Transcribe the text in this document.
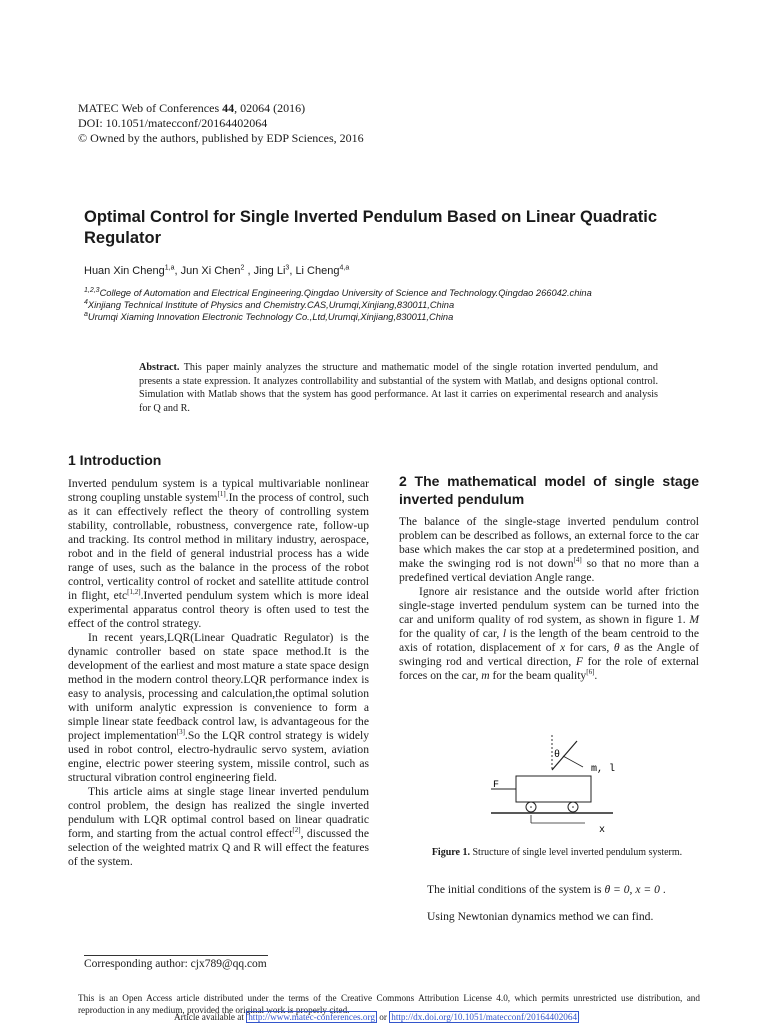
MATEC Web of Conferences 44, 02064 (2016)
DOI: 10.1051/matecconf/20164402064
© Owned by the authors, published by EDP Sciences, 2016
Optimal Control for Single Inverted Pendulum Based on Linear Quadratic Regulator
Huan Xin Cheng$^{1,a}$, Jun Xi Chen$^2$ , Jing Li$^3$, Li Cheng$^{4,a}$
$^{1,2,3}$College of Automation and Electrical Engineering.Qingdao University of Science and Technology.Qingdao 266042.china
$^4$Xinjiang Technical Institute of Physics and Chemistry.CAS,Urumqi,Xinjiang,830011,China
$^a$Urumqi Xiaming Innovation Electronic Technology Co.,Ltd,Urumqi,Xinjiang,830011,China
Abstract. This paper mainly analyzes the structure and mathematic model of the single rotation inverted pendulum, and presents a state expression. It analyzes controllability and substantial of the system with Matlab, and designs optional control. Simulation with Matlab shows that the system has good performance. At last it carries on experimental research and analysis for Q and R.
1 Introduction

Inverted pendulum system is a typical multivariable nonlinear strong coupling unstable system[1].In the process of control, such as it can effectively reflect the theory of controlling system stability, controllable, robustness, convergence rate, follow-up and tracking. Its control method in military industry, aerospace, robot and in the field of general industrial process has a wide range of uses, such as the balance in the process of the robot control, verticality control of rocket and satellite attitude control in flight, etc[1,2].Inverted pendulum system which is more ideal experimental apparatus control theory is often used to test the effect of the control strategy.

In recent years,LQR(Linear Quadratic Regulator) is the dynamic controller based on state space method.It is the development of the earliest and most mature a state space design method in the modern control theory.LQR performance index is easy to analysis, processing and calculation,the optimal solution with uniform analytic expression is convenience to form a simple linear state feedback control law, is advantageous for the project implementation[3].So the LQR control strategy is widely used in robot control, electro-hydraulic servo system, aviation engine, electric power steering system, missile control, such as structural vibration control engineering field.

This article aims at single stage linear inverted pendulum control problem, the design has realized the single inverted pendulum with LQR optimal control based on linear quadratic form, and starting from the actual control effect[2], discussed the selection of the weighted matrix Q and R will effect the features of the system.

2 The mathematical model of single stage inverted pendulum

The balance of the single-stage inverted pendulum control problem can be described as follows, an external force to the car base which makes the car stop at a predetermined position, and make the swinging rod is not down[4] so that no more than a predefined vertical deviation Angle range.

Ignore air resistance and the outside world after friction single-stage inverted pendulum system can be turned into the car and uniform quality of rod system, as shown in figure 1. M for the quality of car, l is the length of the beam centroid to the axis of rotation, displacement of x for cars, θ as the Angle of swinging rod and vertical direction, F for the role of external forces on the car, m for the beam quality[6].

θ
m, l
F
x
Figure 1. Structure of single level inverted pendulum systerm.
The initial conditions of the system is θ = 0, x = 0 .
Using Newtonian dynamics method we can find.
Corresponding author: cjx789@qq.com
This is an Open Access article distributed under the terms of the Creative Commons Attribution License 4.0, which permits unrestricted use distribution, and reproduction in any medium, provided the original work is properly cited.
Article available at http://www.matec-conferences.org or http://dx.doi.org/10.1051/matecconf/20164402064
